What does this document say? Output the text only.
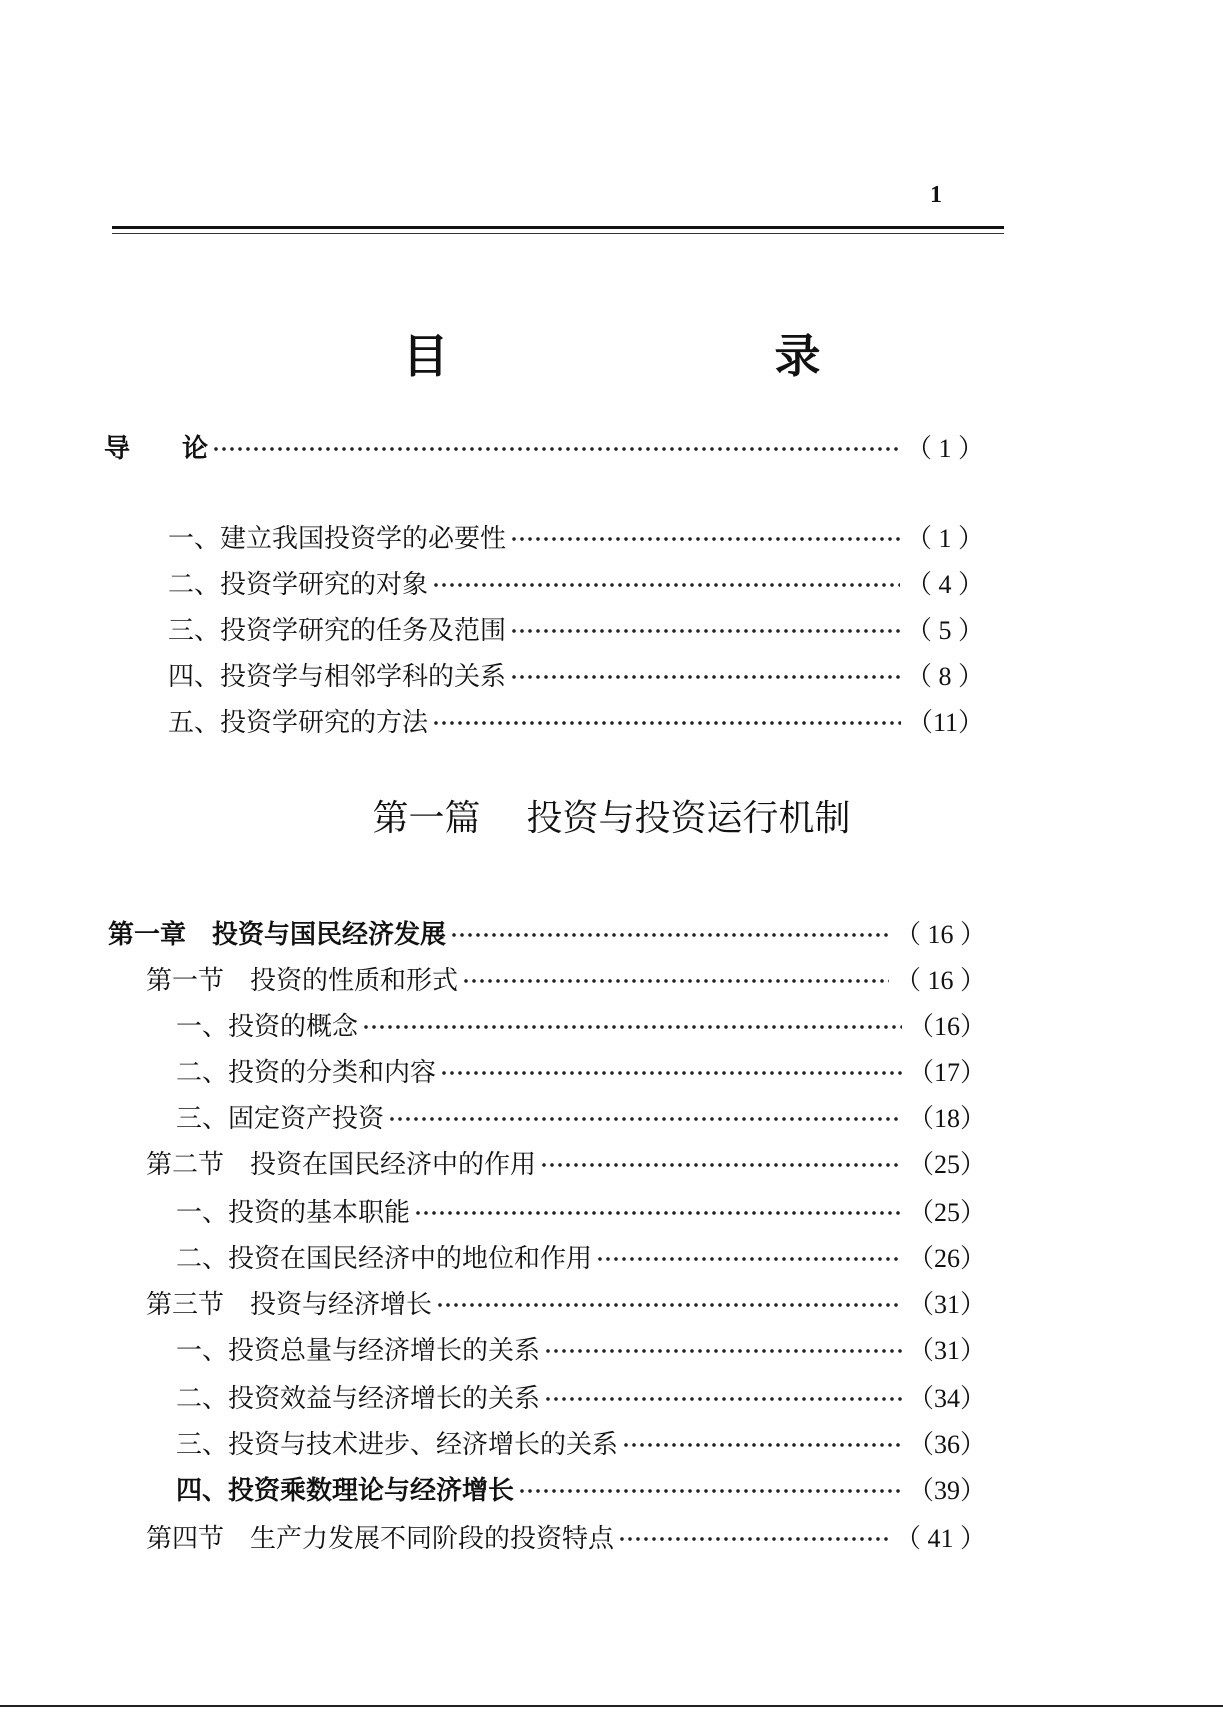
1
目　录
导　　论	（ 1 ）
一、建立我国投资学的必要性	（ 1 ）
二、投资学研究的对象	（ 4 ）
三、投资学研究的任务及范围	（ 5 ）
四、投资学与相邻学科的关系	（ 8 ）
五、投资学研究的方法	（11）
第一篇 投资与投资运行机制
第一章　投资与国民经济发展	（ 16 ）
第一节　投资的性质和形式	（ 16 ）
一、投资的概念	（16）
二、投资的分类和内容	（17）
三、固定资产投资	（18）
第二节　投资在国民经济中的作用	（25）
一、投资的基本职能	（25）
二、投资在国民经济中的地位和作用	（26）
第三节　投资与经济增长	（31）
一、投资总量与经济增长的关系	（31）
二、投资效益与经济增长的关系	（34）
三、投资与技术进步、经济增长的关系	（36）
四、投资乘数理论与经济增长	（39）
第四节　生产力发展不同阶段的投资特点	（ 41 ）
